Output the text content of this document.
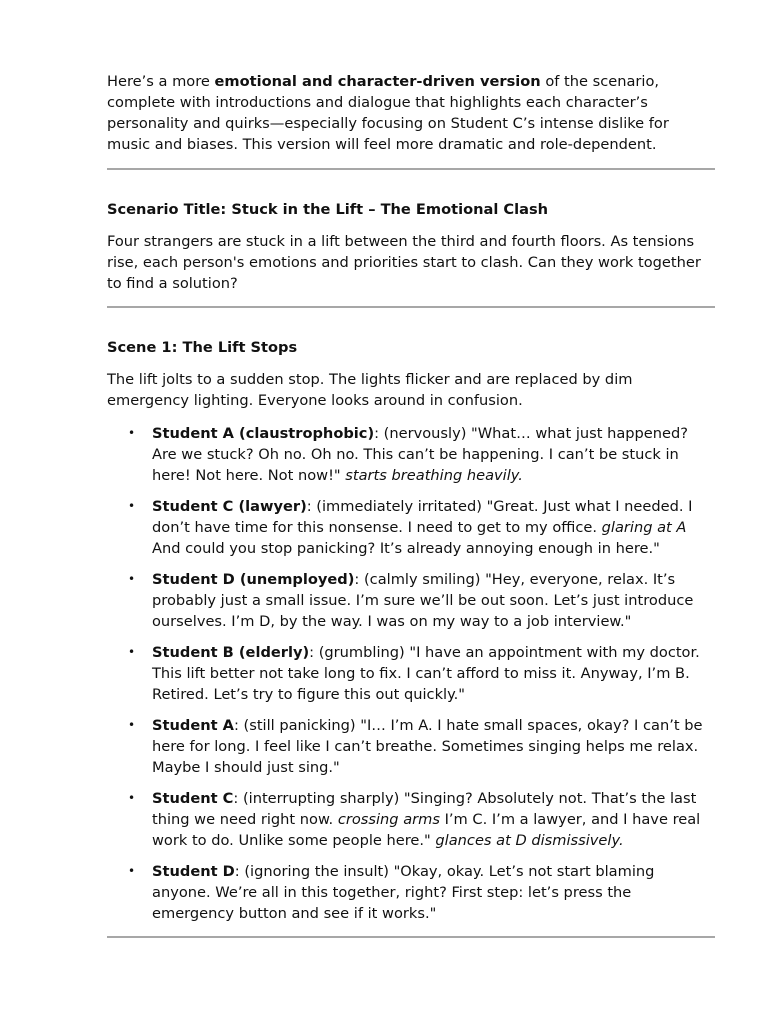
Here’s a more emotional and character-driven version of the scenario, complete with introductions and dialogue that highlights each character’s personality and quirks—especially focusing on Student C’s intense dislike for music and biases. This version will feel more dramatic and role-dependent.

Scenario Title: Stuck in the Lift – The Emotional Clash

Four strangers are stuck in a lift between the third and fourth floors. As tensions rise, each person's emotions and priorities start to clash. Can they work together to find a solution?

Scene 1: The Lift Stops

The lift jolts to a sudden stop. The lights flicker and are replaced by dim emergency lighting. Everyone looks around in confusion.

• Student A (claustrophobic): (nervously) "What… what just happened? Are we stuck? Oh no. Oh no. This can’t be happening. I can’t be stuck in here! Not here. Not now!" starts breathing heavily.
• Student C (lawyer): (immediately irritated) "Great. Just what I needed. I don’t have time for this nonsense. I need to get to my office. glaring at A And could you stop panicking? It’s already annoying enough in here."
• Student D (unemployed): (calmly smiling) "Hey, everyone, relax. It’s probably just a small issue. I’m sure we’ll be out soon. Let’s just introduce ourselves. I’m D, by the way. I was on my way to a job interview."
• Student B (elderly): (grumbling) "I have an appointment with my doctor. This lift better not take long to fix. I can’t afford to miss it. Anyway, I’m B. Retired. Let’s try to figure this out quickly."
• Student A: (still panicking) "I… I’m A. I hate small spaces, okay? I can’t be here for long. I feel like I can’t breathe. Sometimes singing helps me relax. Maybe I should just sing."
• Student C: (interrupting sharply) "Singing? Absolutely not. That’s the last thing we need right now. crossing arms I’m C. I’m a lawyer, and I have real work to do. Unlike some people here." glances at D dismissively.
• Student D: (ignoring the insult) "Okay, okay. Let’s not start blaming anyone. We’re all in this together, right? First step: let’s press the emergency button and see if it works."
